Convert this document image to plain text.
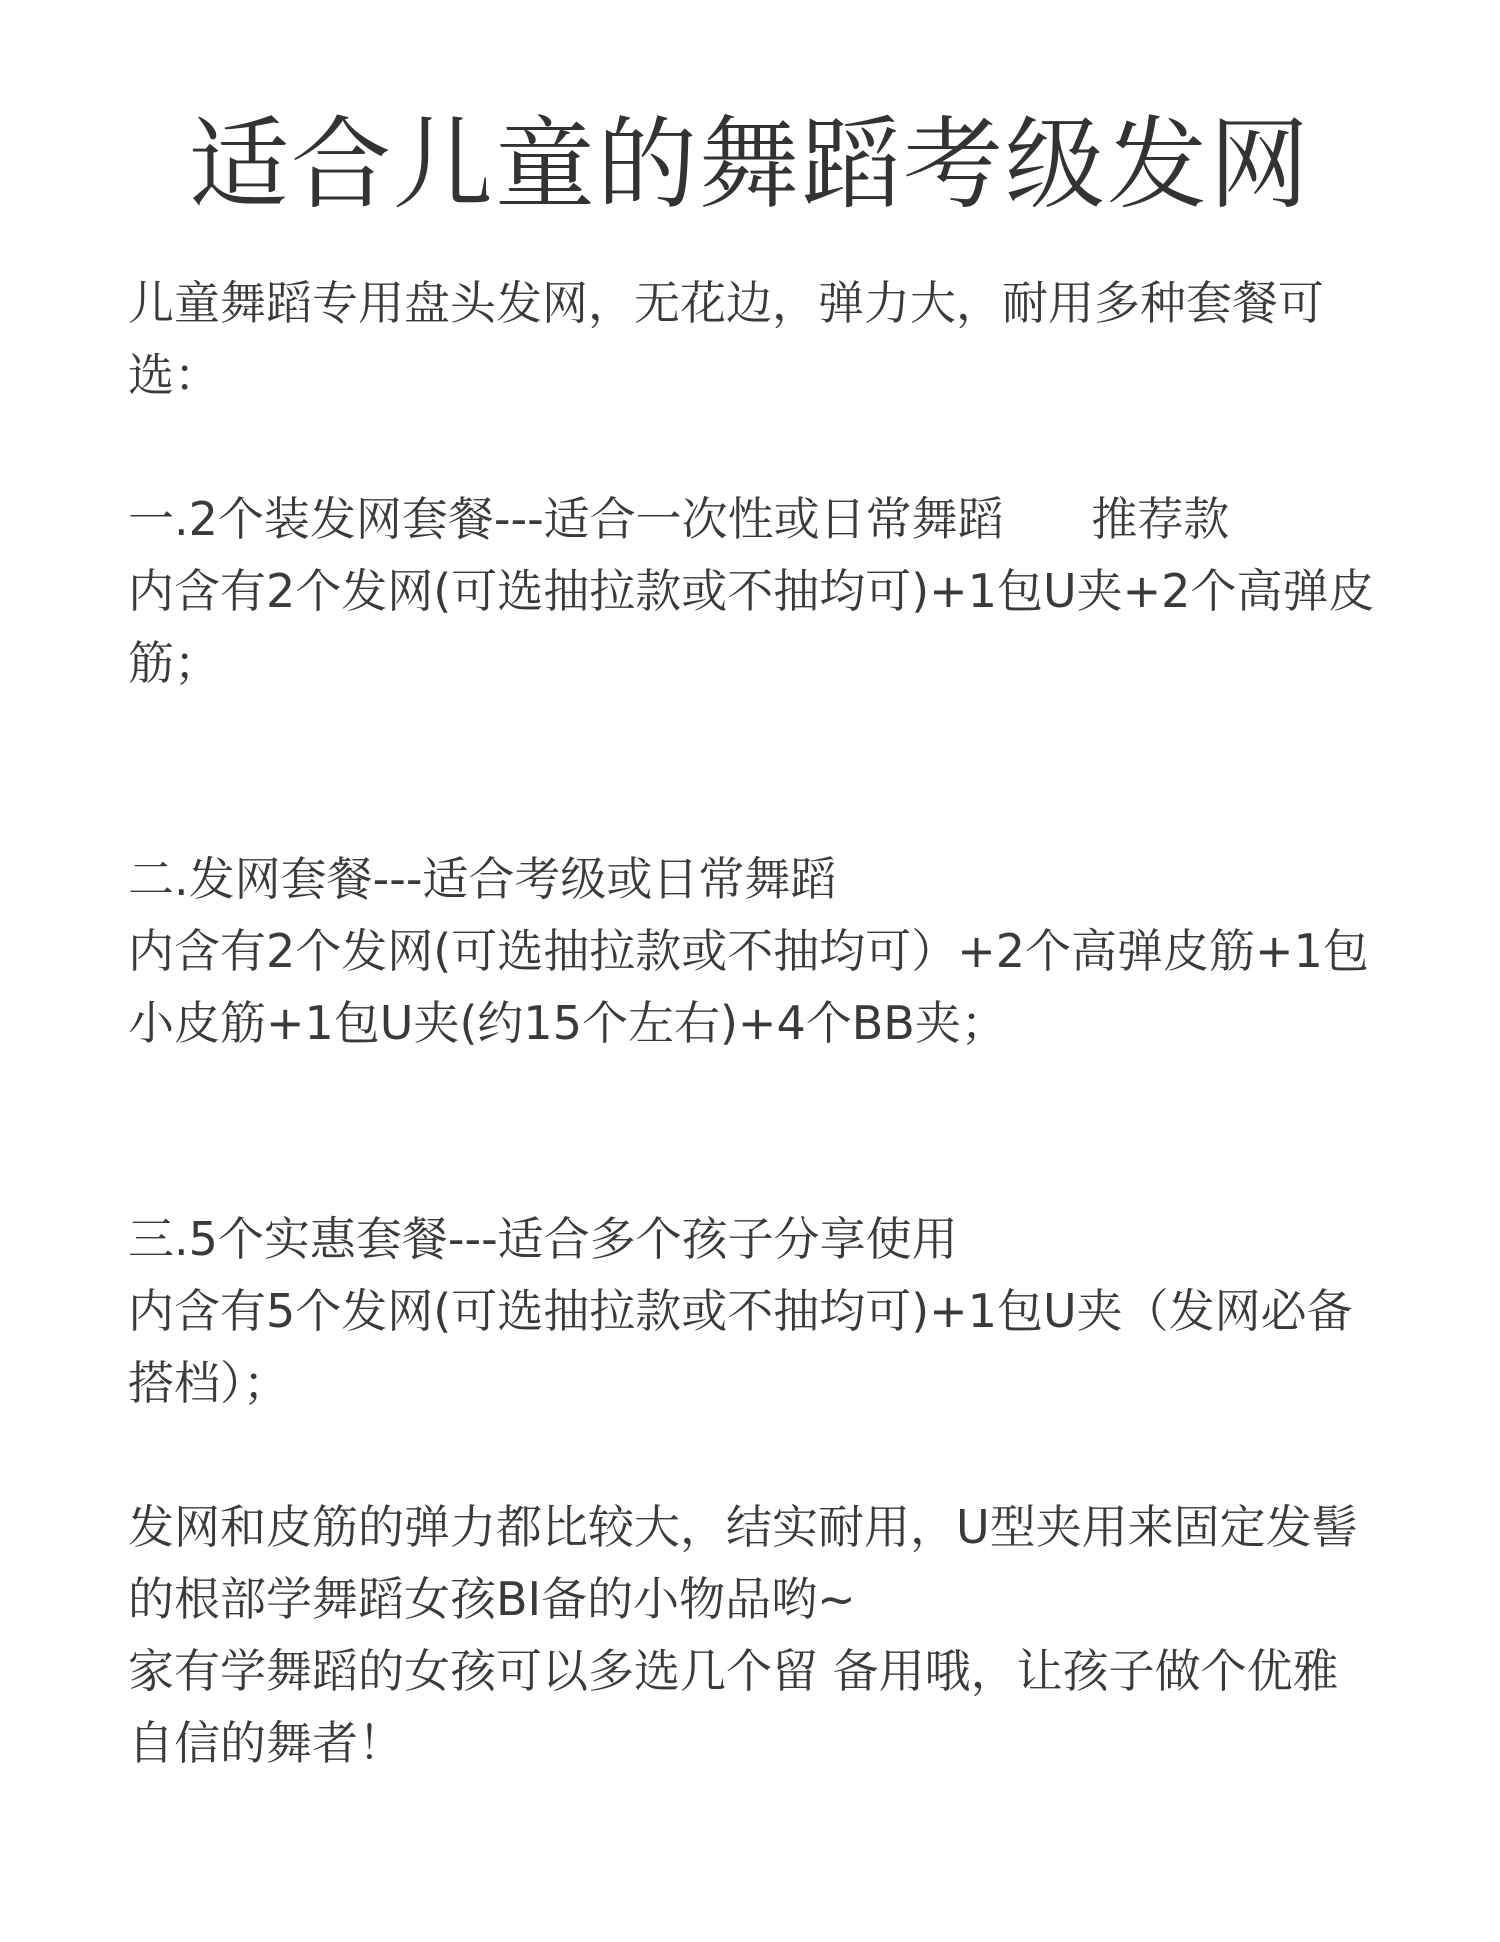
适合儿童的舞蹈考级发网
儿童舞蹈专用盘头发网，无花边，弹力大，耐用多种套餐可
选：
一.2个装发网套餐---适合一次性或日常舞蹈      推荐款
内含有2个发网(可选抽拉款或不抽均可)+1包U夹+2个高弹皮
筋；
二.发网套餐---适合考级或日常舞蹈
内含有2个发网(可选抽拉款或不抽均可）+2个高弹皮筋+1包
小皮筋+1包U夹(约15个左右)+4个BB夹；
三.5个实惠套餐---适合多个孩子分享使用
内含有5个发网(可选抽拉款或不抽均可)+1包U夹（发网必备
搭档）；
发网和皮筋的弹力都比较大，结实耐用，U型夹用来固定发髻
的根部学舞蹈女孩BI备的小物品哟~
家有学舞蹈的女孩可以多选几个留 备用哦，让孩子做个优雅
自信的舞者！
